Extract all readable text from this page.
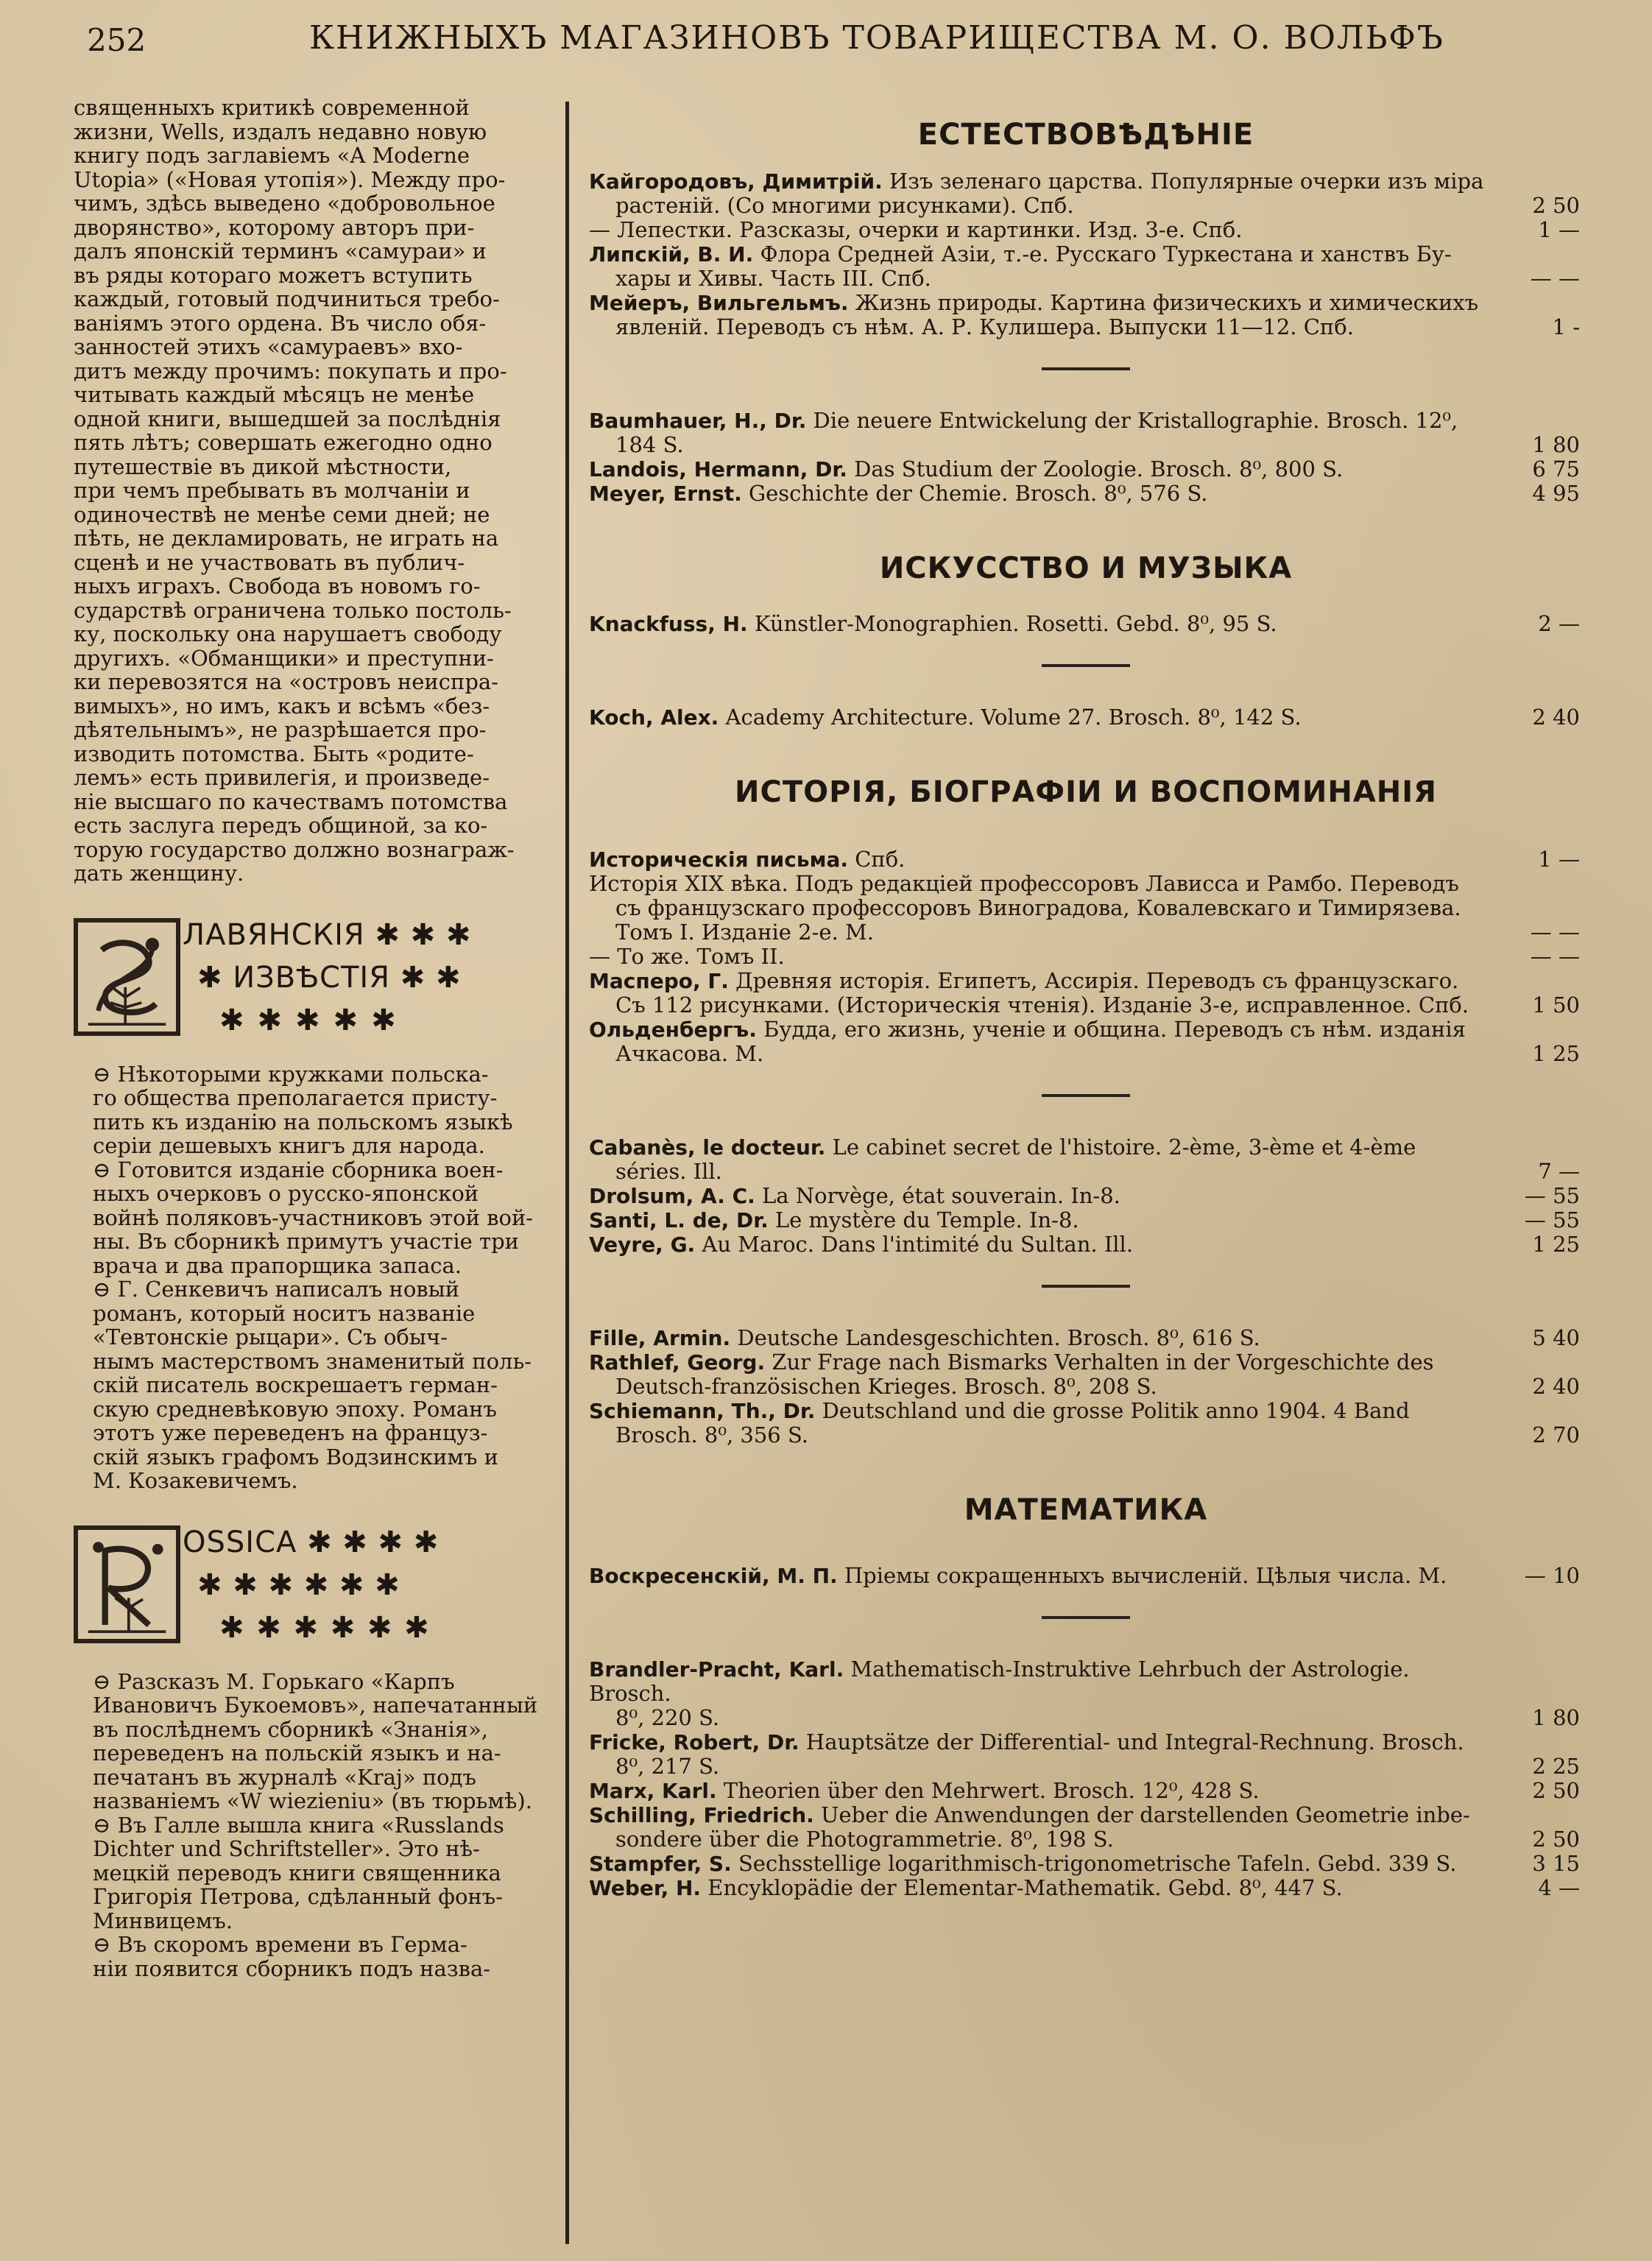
252	КНИЖНЫХЪ МАГАЗИНОВЪ ТОВАРИЩЕСТВА М. О. ВОЛЬФЪ

священныхъ критикѣ современной
жизни, Wells, издалъ недавно новую
книгу подъ заглавіемъ «A Moderne
Utopia» («Новая утопія»). Между про-
чимъ, здѣсь выведено «добровольное
дворянство», которому авторъ при-
далъ японскій терминъ «самураи» и
въ ряды котораго можетъ вступить
каждый, готовый подчиниться требо-
ваніямъ этого ордена. Въ число обя-
занностей этихъ «самураевъ» вхо-
дитъ между прочимъ: покупать и про-
читывать каждый мѣсяцъ не менѣе
одной книги, вышедшей за послѣднія
пять лѣтъ; совершать ежегодно одно
путешествіе въ дикой мѣстности,
при чемъ пребывать въ молчаніи и
одиночествѣ не менѣе семи дней; не
пѣть, не декламировать, не играть на
сценѣ и не участвовать въ публич-
ныхъ играхъ. Свобода въ новомъ го-
сударствѣ ограничена только постоль-
ку, поскольку она нарушаетъ свободу
другихъ. «Обманщики» и преступни-
ки перевозятся на «островъ неиспра-
вимыхъ», но имъ, какъ и всѣмъ «без-
дѣятельнымъ», не разрѣшается про-
изводить потомства. Быть «родите-
лемъ» есть привилегія, и произведе-
ніе высшаго по качествамъ потомства
есть заслуга передъ общиной, за ко-
торую государство должно вознаграж-
дать женщину.

ЛАВЯНСКІЯ ✱ ✱ ✱
✱ ИЗВѢСТІЯ ✱ ✱
✱✱✱✱✱

⊖ Нѣкоторыми кружками польска-
го общества преполагается присту-
пить къ изданію на польскомъ языкѣ
серіи дешевыхъ книгъ для народа.

⊖ Готовится изданіе сборника воен-
ныхъ очерковъ о русско-японской
войнѣ поляковъ-участниковъ этой вой-
ны. Въ сборникѣ примутъ участіе три
врача и два прапорщика запаса.

⊖ Г. Сенкевичъ написалъ новый
романъ, который носитъ названіе
«Тевтонскіе рыцари». Съ обыч-
нымъ мастерствомъ знаменитый поль-
скій писатель воскрешаетъ герман-
скую средневѣковую эпоху. Романъ
этотъ уже переведенъ на француз-
скій языкъ графомъ Водзинскимъ и
М. Козакевичемъ.

OSSICA ✱ ✱ ✱ ✱
✱ ✱ ✱ ✱ ✱ ✱
✱ ✱ ✱ ✱ ✱ ✱

⊖ Разсказъ М. Горькаго «Карпъ
Ивановичъ Букоемовъ», напечатанный
въ послѣднемъ сборникѣ «Знанія»,
переведенъ на польскій языкъ и на-
печатанъ въ журналѣ «Kraj» подъ
названіемъ «W wiezieniu» (въ тюрьмѣ).

⊖ Въ Галле вышла книга «Russlands
Dichter und Schriftsteller». Это нѣ-
мецкій переводъ книги священника
Григорія Петрова, сдѣланный фонъ-
Минвицемъ.

⊖ Въ скоромъ времени въ Герма-
ніи появится сборникъ подъ назва-

ЕСТЕСТВОВѢДѢНІЕ
Кайгородовъ, Димитрій. Изъ зеленаго царства. Популярные очерки изъ міра
растеній. (Со многими рисунками). Спб.	2 50
— Лепестки. Разсказы, очерки и картинки. Изд. 3-е. Спб.	1 —
Липскій, В. И. Флора Средней Азіи, т.-е. Русскаго Туркестана и ханствъ Бу-
хары и Хивы. Часть III. Спб.	— —
Мейеръ, Вильгельмъ. Жизнь природы. Картина физическихъ и химическихъ
явленій. Переводъ съ нѣм. А. Р. Кулишера. Выпуски 11—12. Спб.	1 -
Baumhauer, H., Dr. Die neuere Entwickelung der Kristallographie. Brosch. 12⁰,
184 S.	1 80
Landois, Hermann, Dr. Das Studium der Zoologie. Brosch. 8⁰, 800 S.	6 75
Meyer, Ernst. Geschichte der Chemie. Brosch. 8⁰, 576 S.	4 95
ИСКУССТВО И МУЗЫКА
Knackfuss, H. Künstler-Monographien. Rosetti. Gebd. 8⁰, 95 S.	2 —
Koch, Alex. Academy Architecture. Volume 27. Brosch. 8⁰, 142 S.	2 40
ИСТОРІЯ, БІОГРАФІИ И ВОСПОМИНАНІЯ
Историческія письма. Спб.	1 —
Исторія XIX вѣка. Подъ редакціей профессоровъ Лависса и Рамбо. Переводъ
съ французскаго профессоровъ Виноградова, Ковалевскаго и Тимирязева.
Томъ I. Изданіе 2-е. М.	— —
— То же. Томъ II.	— —
Масперо, Г. Древняя исторія. Египетъ, Ассирія. Переводъ съ французскаго.
Съ 112 рисунками. (Историческія чтенія). Изданіе 3-е, исправленное. Спб.	1 50
Ольденбергъ. Будда, его жизнь, ученіе и община. Переводъ съ нѣм. изданія
Ачкасова. М.	1 25
Cabanès, le docteur. Le cabinet secret de l'histoire. 2-ème, 3-ème et 4-ème
séries. Ill.	7 —
Drolsum, A. C. La Norvège, état souverain. In-8.	— 55
Santi, L. de, Dr. Le mystère du Temple. In-8.	— 55
Veyre, G. Au Maroc. Dans l'intimité du Sultan. Ill.	1 25
Fille, Armin. Deutsche Landesgeschichten. Brosch. 8⁰, 616 S.	5 40
Rathlef, Georg. Zur Frage nach Bismarks Verhalten in der Vorgeschichte des
Deutsch-französischen Krieges. Brosch. 8⁰, 208 S.	2 40
Schiemann, Th., Dr. Deutschland und die grosse Politik anno 1904. 4 Band
Brosch. 8⁰, 356 S.	2 70
МАТЕМАТИКА
Воскресенскій, М. П. Пріемы сокращенныхъ вычисленій. Цѣлыя числа. М.	— 10
Brandler-Pracht, Karl. Mathematisch-Instruktive Lehrbuch der Astrologie. Brosch.
8⁰, 220 S.	1 80
Fricke, Robert, Dr. Hauptsätze der Differential- und Integral-Rechnung. Brosch.
8⁰, 217 S.	2 25
Marx, Karl. Theorien über den Mehrwert. Brosch. 12⁰, 428 S.	2 50
Schilling, Friedrich. Ueber die Anwendungen der darstellenden Geometrie inbe-
sondere über die Photogrammetrie. 8⁰, 198 S.	2 50
Stampfer, S. Sechsstellige logarithmisch-trigonometrische Tafeln. Gebd. 339 S.	3 15
Weber, H. Encyklopädie der Elementar-Mathematik. Gebd. 8⁰, 447 S.	4 —
